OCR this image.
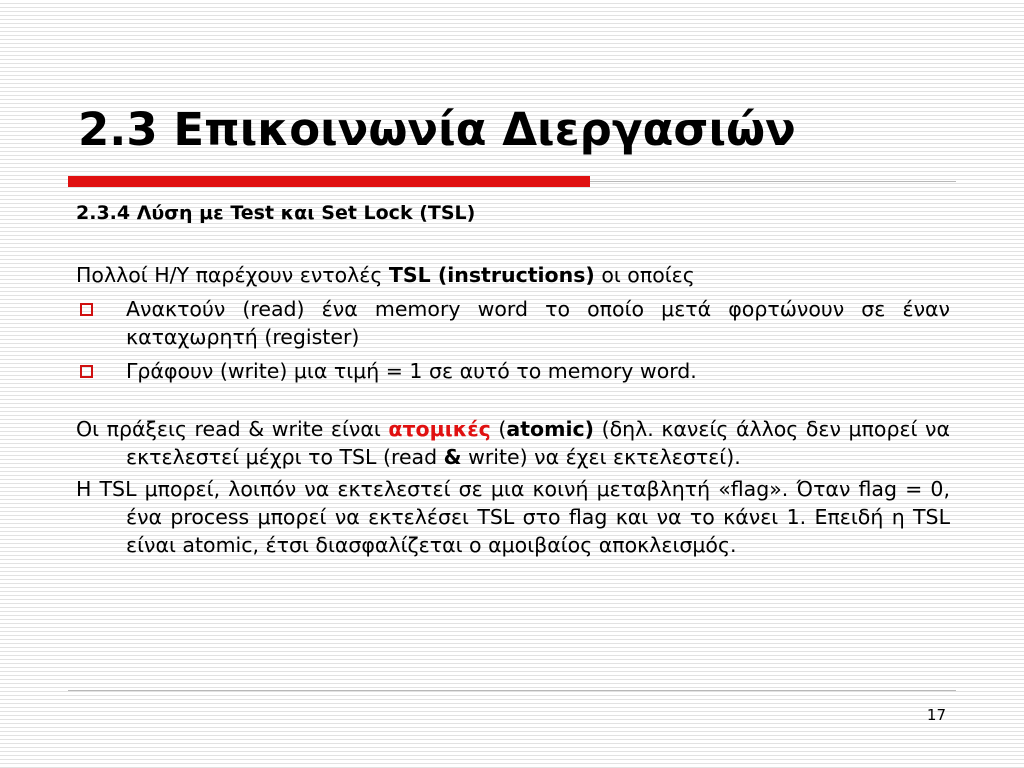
2.3 Επικοινωνία Διεργασιών
2.3.4 Λύση με Test και Set Lock (TSL)

Πολλοί Η/Υ παρέχουν εντολές TSL (instructions) οι οποίες

Ανακτούν (read) ένα memory word το οποίο μετά φορτώνουν σε έναν καταχωρητή (register)
Γράφουν (write) μια τιμή = 1 σε αυτό το memory word.

Οι πράξεις read & write είναι ατομικές (atomic) (δηλ. κανείς άλλος δεν μπορεί να εκτελεστεί μέχρι το TSL (read & write) να έχει εκτελεστεί).

Η TSL μπορεί, λοιπόν να εκτελεστεί σε μια κοινή μεταβλητή «flag». Όταν flag = 0, ένα process μπορεί να εκτελέσει TSL στο flag και να το κάνει 1. Επειδή η TSL είναι atomic, έτσι διασφαλίζεται ο αμοιβαίος αποκλεισμός.

17
